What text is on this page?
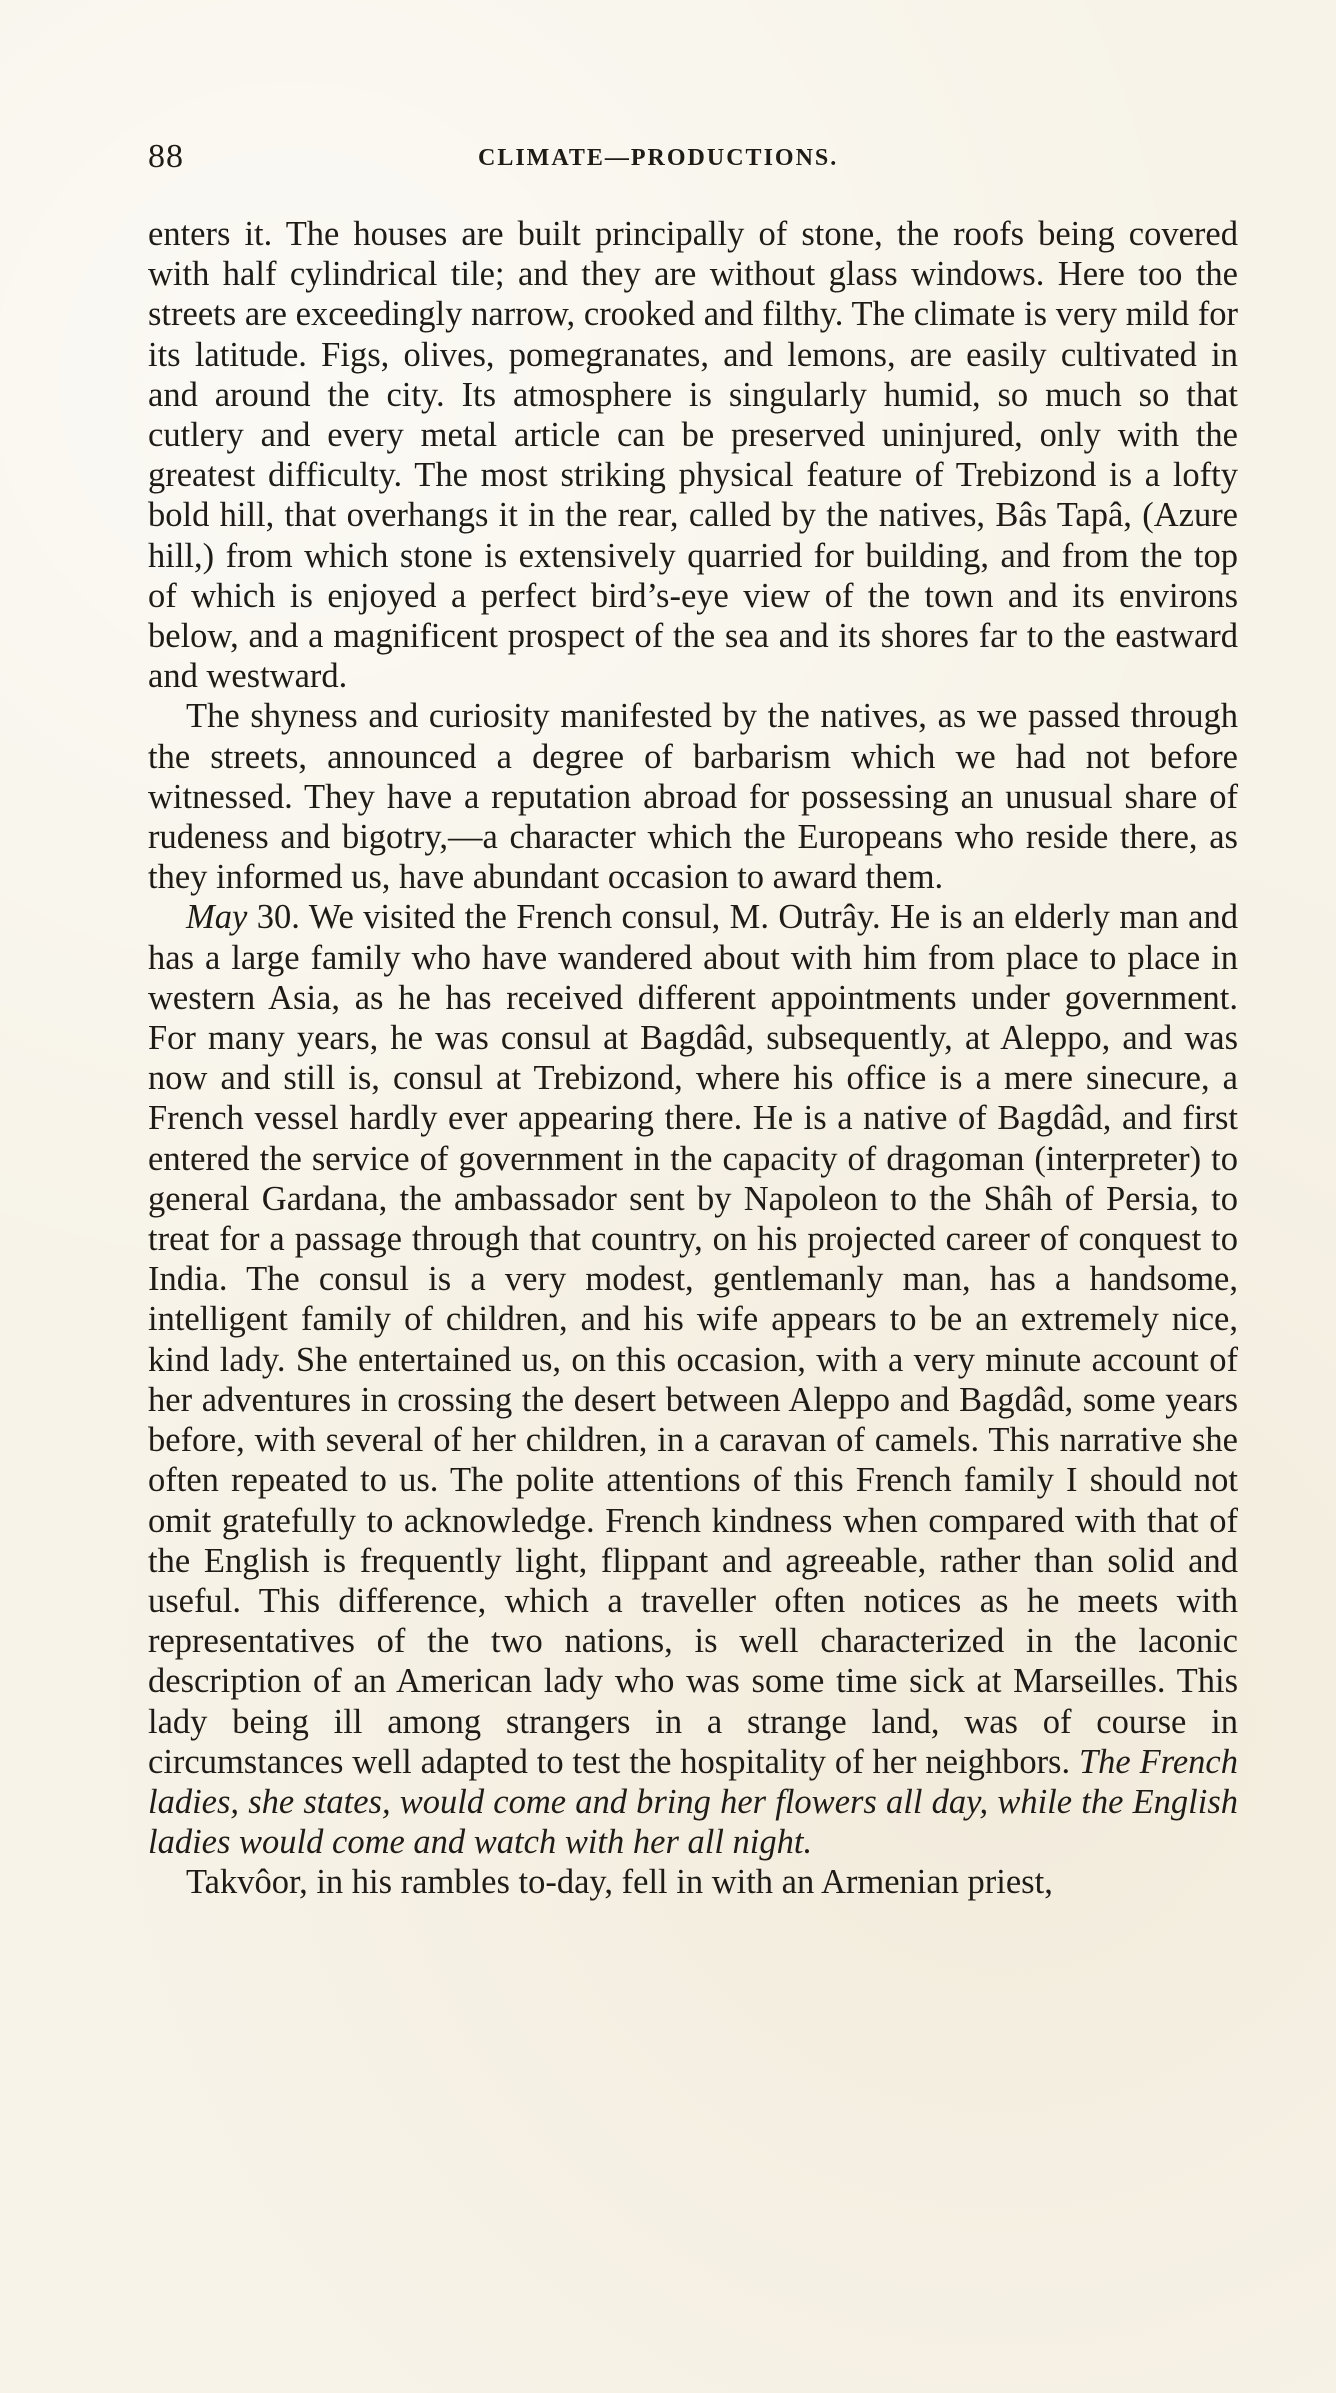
88	CLIMATE—PRODUCTIONS.

enters it. The houses are built principally of stone, the roofs being covered with half cylindrical tile; and they are without glass windows. Here too the streets are exceedingly narrow, crooked and filthy. The climate is very mild for its latitude. Figs, olives, pomegranates, and lemons, are easily cultivated in and around the city. Its atmosphere is singularly humid, so much so that cutlery and every metal article can be preserved uninjured, only with the greatest difficulty. The most striking physical feature of Trebizond is a lofty bold hill, that overhangs it in the rear, called by the natives, Bâs Tapâ, (Azure hill,) from which stone is extensively quarried for building, and from the top of which is enjoyed a perfect bird’s-eye view of the town and its environs below, and a magnificent prospect of the sea and its shores far to the eastward and westward.

The shyness and curiosity manifested by the natives, as we passed through the streets, announced a degree of barbarism which we had not before witnessed. They have a reputation abroad for possessing an unusual share of rudeness and bigotry,—a character which the Europeans who reside there, as they informed us, have abundant occasion to award them.

May 30. We visited the French consul, M. Outrây. He is an elderly man and has a large family who have wandered about with him from place to place in western Asia, as he has received different appointments under government. For many years, he was consul at Bagdâd, subsequently, at Aleppo, and was now and still is, consul at Trebizond, where his office is a mere sinecure, a French vessel hardly ever appearing there. He is a native of Bagdâd, and first entered the service of government in the capacity of dragoman (interpreter) to general Gardana, the ambassador sent by Napoleon to the Shâh of Persia, to treat for a passage through that country, on his projected career of conquest to India. The consul is a very modest, gentlemanly man, has a handsome, intelligent family of children, and his wife appears to be an extremely nice, kind lady. She entertained us, on this occasion, with a very minute account of her adventures in crossing the desert between Aleppo and Bagdâd, some years before, with several of her children, in a caravan of camels. This narrative she often repeated to us. The polite attentions of this French family I should not omit gratefully to acknowledge. French kindness when compared with that of the English is frequently light, flippant and agreeable, rather than solid and useful. This difference, which a traveller often notices as he meets with representatives of the two nations, is well characterized in the laconic description of an American lady who was some time sick at Marseilles. This lady being ill among strangers in a strange land, was of course in circumstances well adapted to test the hospitality of her neighbors. The French ladies, she states, would come and bring her flowers all day, while the English ladies would come and watch with her all night.

Takvôor, in his rambles to-day, fell in with an Armenian priest,
